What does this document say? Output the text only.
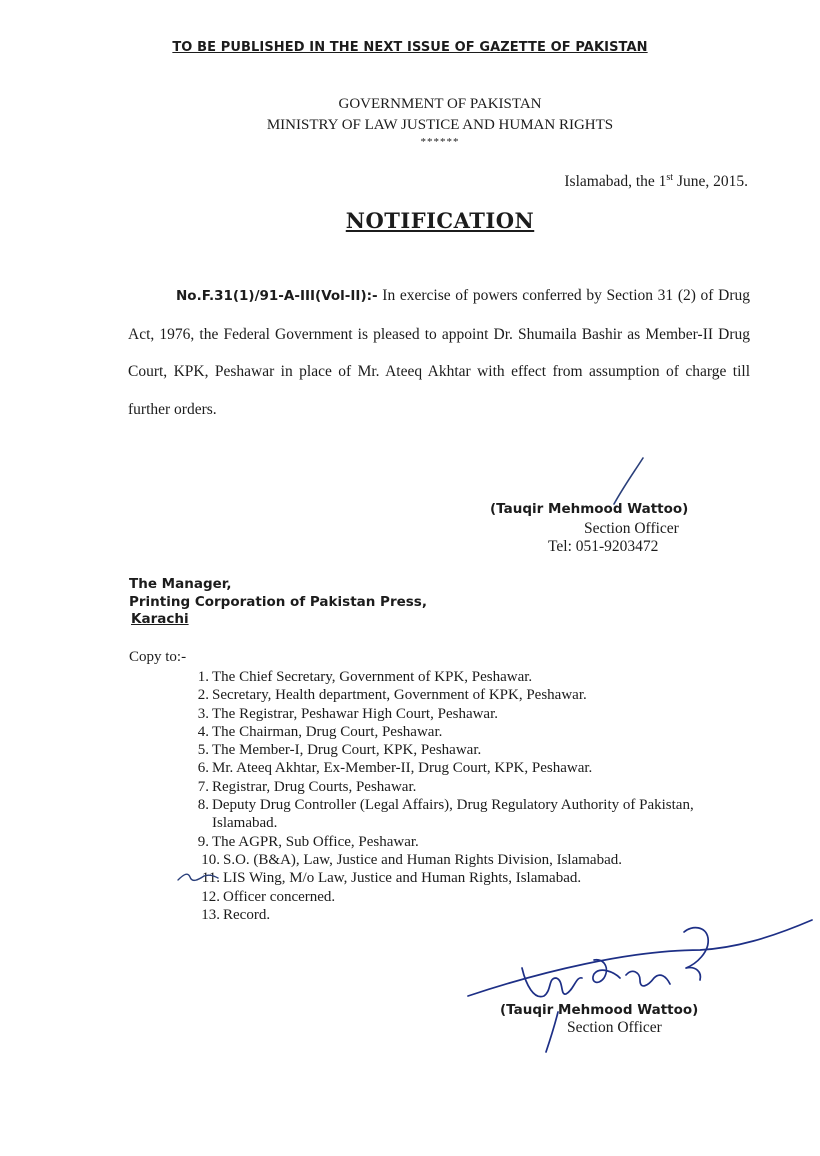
TO BE PUBLISHED IN THE NEXT ISSUE OF GAZETTE OF PAKISTAN
GOVERNMENT OF PAKISTAN
MINISTRY OF LAW JUSTICE AND HUMAN RIGHTS
******
Islamabad, the 1st June, 2015.
NOTIFICATION
No.F.31(1)/91-A-III(Vol-II):- In exercise of powers conferred by Section 31 (2) of Drug Act, 1976, the Federal Government is pleased to appoint Dr. Shumaila Bashir as Member-II Drug Court, KPK, Peshawar in place of Mr. Ateeq Akhtar with effect from assumption of charge till further orders.
(Tauqir Mehmood Wattoo)
Section Officer
Tel: 051-9203472
The Manager,
Printing Corporation of Pakistan Press,
Karachi
Copy to:-
1. The Chief Secretary, Government of KPK, Peshawar.
2. Secretary, Health department, Government of KPK, Peshawar.
3. The Registrar, Peshawar High Court, Peshawar.
4. The Chairman, Drug Court, Peshawar.
5. The Member-I, Drug Court, KPK, Peshawar.
6. Mr. Ateeq Akhtar, Ex-Member-II, Drug Court, KPK, Peshawar.
7. Registrar, Drug Courts, Peshawar.
8. Deputy Drug Controller (Legal Affairs), Drug Regulatory Authority of Pakistan, Islamabad.
9. The AGPR, Sub Office, Peshawar.
10. S.O. (B&A), Law, Justice and Human Rights Division, Islamabad.
11. LIS Wing, M/o Law, Justice and Human Rights, Islamabad.
12. Officer concerned.
13. Record.
(Tauqir Mehmood Wattoo)
Section Officer
